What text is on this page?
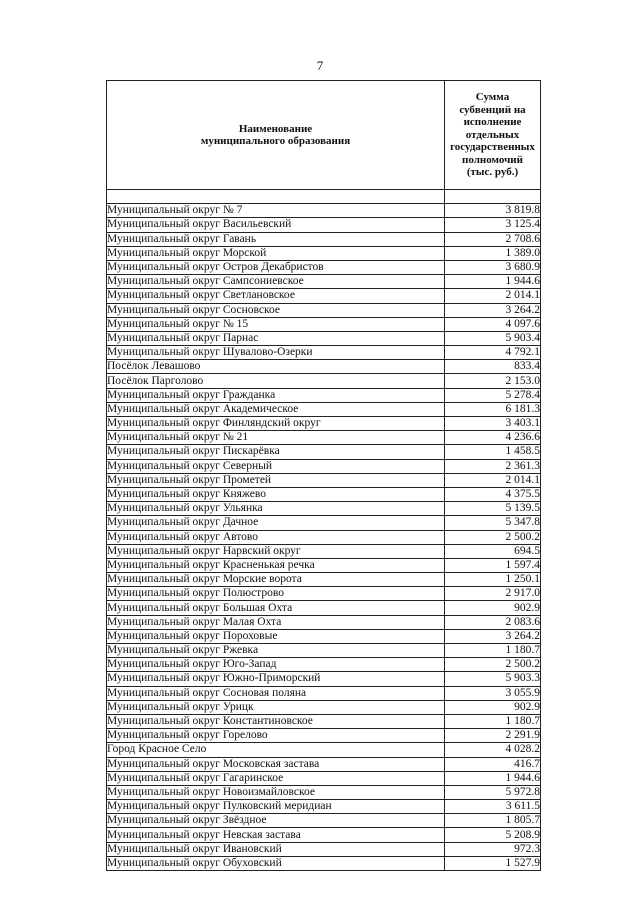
7
Наименование муниципального образования	Сумма субвенций на исполнение отдельных государственных полномочий (тыс. руб.)

Муниципальный округ № 7	3 819.8
Муниципальный округ Васильевский	3 125.4
Муниципальный округ Гавань	2 708.6
Муниципальный округ Морской	1 389.0
Муниципальный округ Остров Декабристов	3 680.9
Муниципальный округ Сампсониевское	1 944.6
Муниципальный округ Светлановское	2 014.1
Муниципальный округ Сосновское	3 264.2
Муниципальный округ № 15	4 097.6
Муниципальный округ Парнас	5 903.4
Муниципальный округ Шувалово-Озерки	4 792.1
Посёлок Левашово	833.4
Посёлок Парголово	2 153.0
Муниципальный округ Гражданка	5 278.4
Муниципальный округ Академическое	6 181.3
Муниципальный округ Финляндский округ	3 403.1
Муниципальный округ № 21	4 236.6
Муниципальный округ Пискарёвка	1 458.5
Муниципальный округ Северный	2 361.3
Муниципальный округ Прометей	2 014.1
Муниципальный округ Княжево	4 375.5
Муниципальный округ Ульянка	5 139.5
Муниципальный округ Дачное	5 347.8
Муниципальный округ Автово	2 500.2
Муниципальный округ Нарвский округ	694.5
Муниципальный округ Красненькая речка	1 597.4
Муниципальный округ Морские ворота	1 250.1
Муниципальный округ Полюстрово	2 917.0
Муниципальный округ Большая Охта	902.9
Муниципальный округ Малая Охта	2 083.6
Муниципальный округ Пороховые	3 264.2
Муниципальный округ Ржевка	1 180.7
Муниципальный округ Юго-Запад	2 500.2
Муниципальный округ Южно-Приморский	5 903.3
Муниципальный округ Сосновая поляна	3 055.9
Муниципальный округ Урицк	902.9
Муниципальный округ Константиновское	1 180.7
Муниципальный округ Горелово	2 291.9
Город Красное Село	4 028.2
Муниципальный округ Московская застава	416.7
Муниципальный округ Гагаринское	1 944.6
Муниципальный округ Новоизмайловское	5 972.8
Муниципальный округ Пулковский меридиан	3 611.5
Муниципальный округ Звёздное	1 805.7
Муниципальный округ Невская застава	5 208.9
Муниципальный округ Ивановский	972.3
Муниципальный округ Обуховский	1 527.9
